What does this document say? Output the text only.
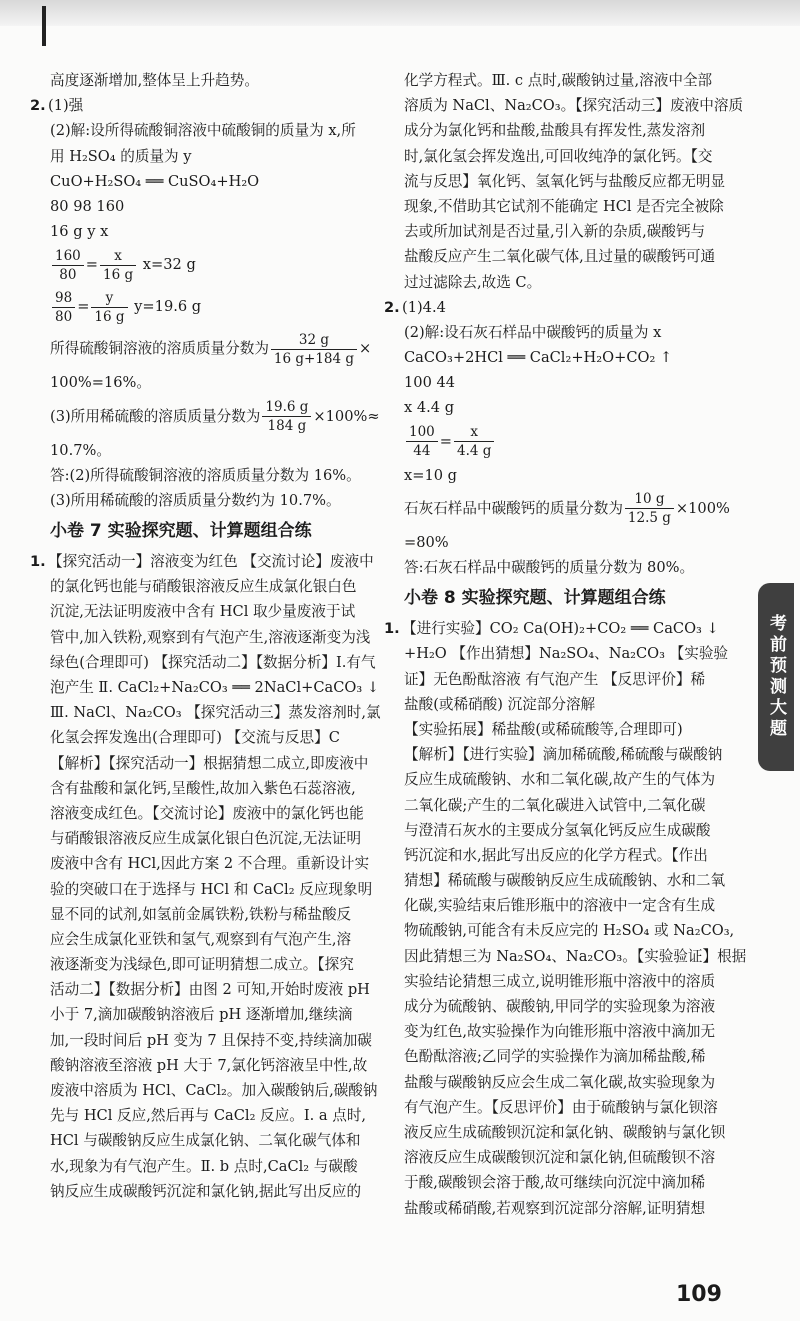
高度逐渐增加,整体呈上升趋势。
2. (1)强
(2)解:设所得硫酸铜溶液中硫酸铜的质量为 x,所
用 H₂SO₄ 的质量为 y
CuO+H₂SO₄ ══ CuSO₄+H₂O
80 98 160
16 g y x
$\frac{160}{80} = \frac{x}{16 g} x=32$ g
$\frac{98}{80} = \frac{y}{16 g} y=19.6$ g
所得硫酸铜溶液的溶质质量分数为 $\frac{32 g}{16 g+184 g}$ ×
100%=16%。
(3)所用稀硫酸的溶质质量分数为 $\frac{19.6 g}{184 g} \times 100\%\approx$
10.7%。
答:(2)所得硫酸铜溶液的溶质质量分数为 16%。
(3)所用稀硫酸的溶质质量分数约为 10.7%。
小卷 7 实验探究题、计算题组合练
1. 【探究活动一】溶液变为红色 【交流讨论】废液中
的氯化钙也能与硝酸银溶液反应生成氯化银白色
沉淀,无法证明废液中含有 HCl 取少量废液于试
管中,加入铁粉,观察到有气泡产生,溶液逐渐变为浅
绿色(合理即可) 【探究活动二】【数据分析】Ⅰ.有气
泡产生 Ⅱ. CaCl₂+Na₂CO₃ ══ 2NaCl+CaCO₃ ↓
Ⅲ. NaCl、Na₂CO₃ 【探究活动三】蒸发溶剂时,氯
化氢会挥发逸出(合理即可) 【交流与反思】C
【解析】【探究活动一】根据猜想二成立,即废液中
含有盐酸和氯化钙,呈酸性,故加入紫色石蕊溶液,
溶液变成红色。【交流讨论】废液中的氯化钙也能
与硝酸银溶液反应生成氯化银白色沉淀,无法证明
废液中含有 HCl,因此方案 2 不合理。重新设计实
验的突破口在于选择与 HCl 和 CaCl₂ 反应现象明
显不同的试剂,如氢前金属铁粉,铁粉与稀盐酸反
应会生成氯化亚铁和氢气,观察到有气泡产生,溶
液逐渐变为浅绿色,即可证明猜想二成立。【探究
活动二】【数据分析】由图 2 可知,开始时废液 pH
小于 7,滴加碳酸钠溶液后 pH 逐渐增加,继续滴
加,一段时间后 pH 变为 7 且保持不变,持续滴加碳
酸钠溶液至溶液 pH 大于 7,氯化钙溶液呈中性,故
废液中溶质为 HCl、CaCl₂。加入碳酸钠后,碳酸钠
先与 HCl 反应,然后再与 CaCl₂ 反应。Ⅰ. a 点时,
HCl 与碳酸钠反应生成氯化钠、二氧化碳气体和
水,现象为有气泡产生。Ⅱ. b 点时,CaCl₂ 与碳酸
钠反应生成碳酸钙沉淀和氯化钠,据此写出反应的
化学方程式。Ⅲ. c 点时,碳酸钠过量,溶液中全部
溶质为 NaCl、Na₂CO₃。【探究活动三】废液中溶质
成分为氯化钙和盐酸,盐酸具有挥发性,蒸发溶剂
时,氯化氢会挥发逸出,可回收纯净的氯化钙。【交
流与反思】氧化钙、氢氧化钙与盐酸反应都无明显
现象,不借助其它试剂不能确定 HCl 是否完全被除
去或所加试剂是否过量,引入新的杂质,碳酸钙与
盐酸反应产生二氧化碳气体,且过量的碳酸钙可通
过过滤除去,故选 C。
2. (1)4.4
(2)解:设石灰石样品中碳酸钙的质量为 x
CaCO₃+2HCl ══ CaCl₂+H₂O+CO₂ ↑
100 44
x 4.4 g
$\frac{100}{44} = \frac{x}{4.4 g}$
x=10 g
石灰石样品中碳酸钙的质量分数为 $\frac{10 g}{12.5 g} \times 100\%$
=80%
答:石灰石样品中碳酸钙的质量分数为 80%。
小卷 8 实验探究题、计算题组合练
1. 【进行实验】CO₂ Ca(OH)₂+CO₂ ══ CaCO₃ ↓
+H₂O 【作出猜想】Na₂SO₄、Na₂CO₃ 【实验验
证】无色酚酞溶液 有气泡产生 【反思评价】稀
盐酸(或稀硝酸) 沉淀部分溶解
【实验拓展】稀盐酸(或稀硫酸等,合理即可)
【解析】【进行实验】滴加稀硫酸,稀硫酸与碳酸钠
反应生成硫酸钠、水和二氧化碳,故产生的气体为
二氧化碳;产生的二氧化碳进入试管中,二氧化碳
与澄清石灰水的主要成分氢氧化钙反应生成碳酸
钙沉淀和水,据此写出反应的化学方程式。【作出
猜想】稀硫酸与碳酸钠反应生成硫酸钠、水和二氧
化碳,实验结束后锥形瓶中的溶液中一定含有生成
物硫酸钠,可能含有未反应完的 H₂SO₄ 或 Na₂CO₃,
因此猜想三为 Na₂SO₄、Na₂CO₃。【实验验证】根据
实验结论猜想三成立,说明锥形瓶中溶液中的溶质
成分为硫酸钠、碳酸钠,甲同学的实验现象为溶液
变为红色,故实验操作为向锥形瓶中溶液中滴加无
色酚酞溶液;乙同学的实验操作为滴加稀盐酸,稀
盐酸与碳酸钠反应会生成二氧化碳,故实验现象为
有气泡产生。【反思评价】由于硫酸钠与氯化钡溶
液反应生成硫酸钡沉淀和氯化钠、碳酸钠与氯化钡
溶液反应生成碳酸钡沉淀和氯化钠,但硫酸钡不溶
于酸,碳酸钡会溶于酸,故可继续向沉淀中滴加稀
盐酸或稀硝酸,若观察到沉淀部分溶解,证明猜想
考前预测大题
109
